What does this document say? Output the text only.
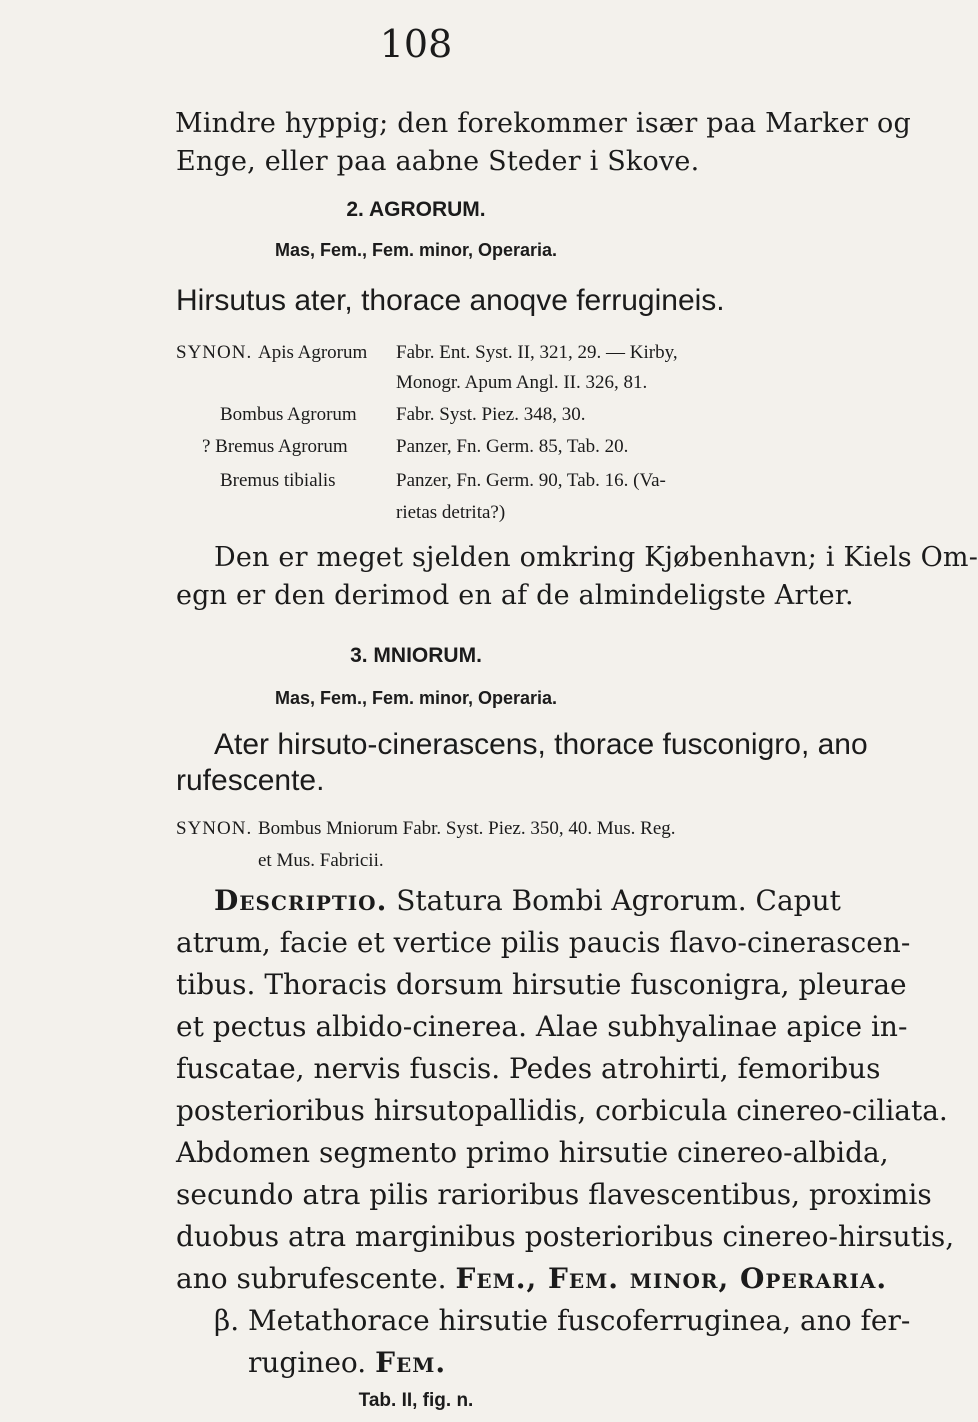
108
Mindre hyppig; den forekommer især paa Marker og
Enge, eller paa aabne Steder i Skove.
2. AGRORUM.
Mas, Fem., Fem. minor, Operaria.
Hirsutus ater, thorace anoqve ferrugineis.
SYNON. Apis Agrorum Fabr. Ent. Syst. II, 321, 29. — Kirby,
Monogr. Apum Angl. II. 326, 81.
Bombus Agrorum Fabr. Syst. Piez. 348, 30.
? Bremus Agrorum	Panzer, Fn. Germ. 85, Tab. 20.
Bremus tibialis	Panzer, Fn. Germ. 90, Tab. 16. (Va-
rietas detrita?)
Den er meget sjelden omkring Kjøbenhavn; i Kiels Om-
egn er den derimod en af de almindeligste Arter.
3. MNIORUM.
Mas, Fem., Fem. minor, Operaria.
Ater hirsuto-cinerascens, thorace fusconigro, ano
rufescente.
SYNON. Bombus Mniorum Fabr. Syst. Piez. 350, 40. Mus. Reg.
et Mus. Fabricii.
Descriptio. Statura Bombi Agrorum. Caput
atrum, facie et vertice pilis paucis flavo-cinerascen-
tibus. Thoracis dorsum hirsutie fusconigra, pleurae
et pectus albido-cinerea. Alae subhyalinae apice in-
fuscatae, nervis fuscis. Pedes atrohirti, femoribus
posterioribus hirsutopallidis, corbicula cinereo-ciliata.
Abdomen segmento primo hirsutie cinereo-albida,
secundo atra pilis rarioribus flavescentibus, proximis
duobus atra marginibus posterioribus cinereo-hirsutis,
ano subrufescente. Fem., Fem. minor, Operaria.
β. Metathorace hirsutie fuscoferruginea, ano fer-
rugineo. Fem.
Tab. II, fig. n.
